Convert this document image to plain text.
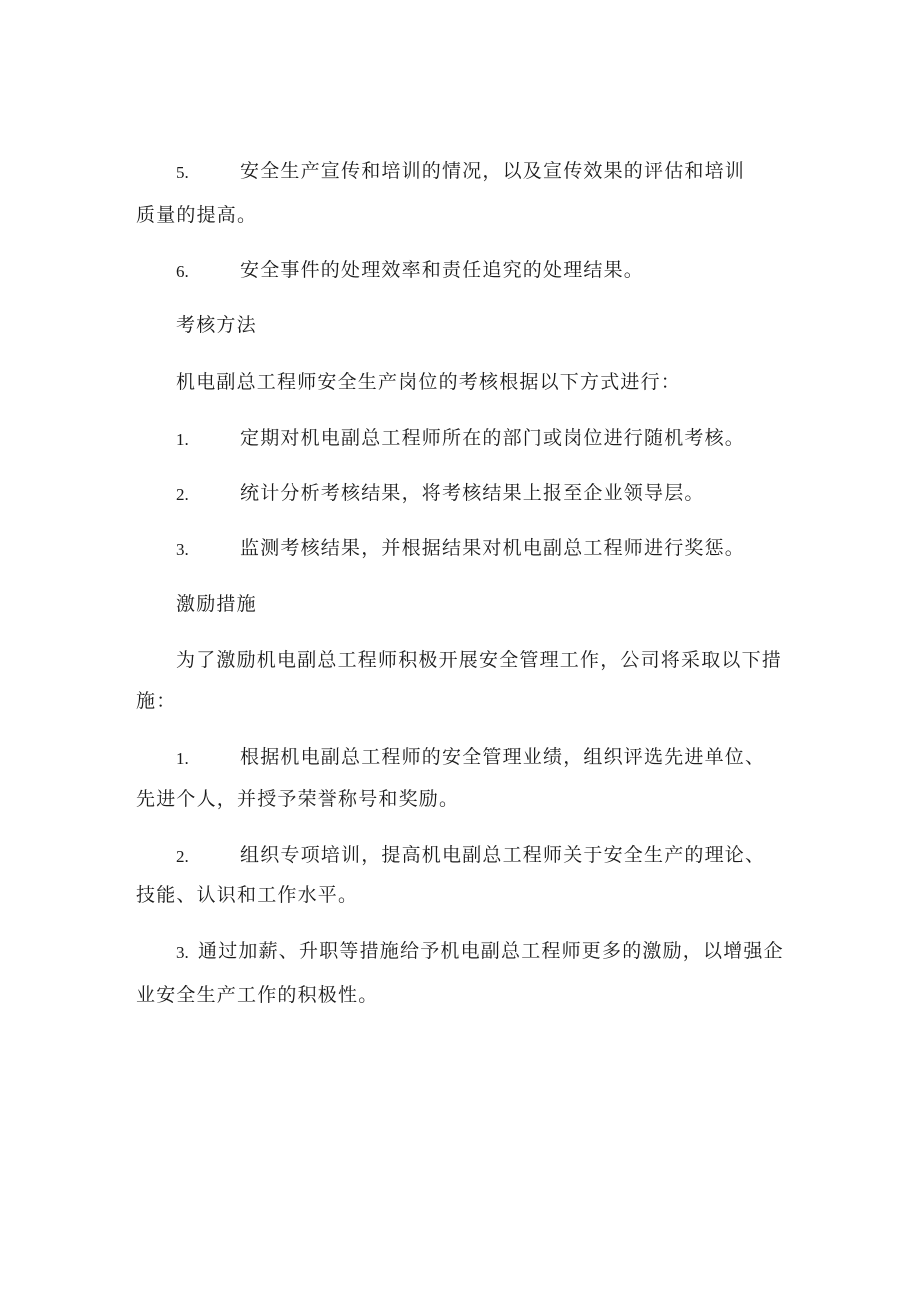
5.	安全生产宣传和培训的情况，以及宣传效果的评估和培训
质量的提高。
6.	安全事件的处理效率和责任追究的处理结果。
考核方法
机电副总工程师安全生产岗位的考核根据以下方式进行：
1.	定期对机电副总工程师所在的部门或岗位进行随机考核。
2.	统计分析考核结果，将考核结果上报至企业领导层。
3.	监测考核结果，并根据结果对机电副总工程师进行奖惩。
激励措施
为了激励机电副总工程师积极开展安全管理工作，公司将采取以下措
施：
1.	根据机电副总工程师的安全管理业绩，组织评选先进单位、
先进个人，并授予荣誉称号和奖励。
2.	组织专项培训，提高机电副总工程师关于安全生产的理论、
技能、认识和工作水平。
3. 通过加薪、升职等措施给予机电副总工程师更多的激励，以增强企
业安全生产工作的积极性。
